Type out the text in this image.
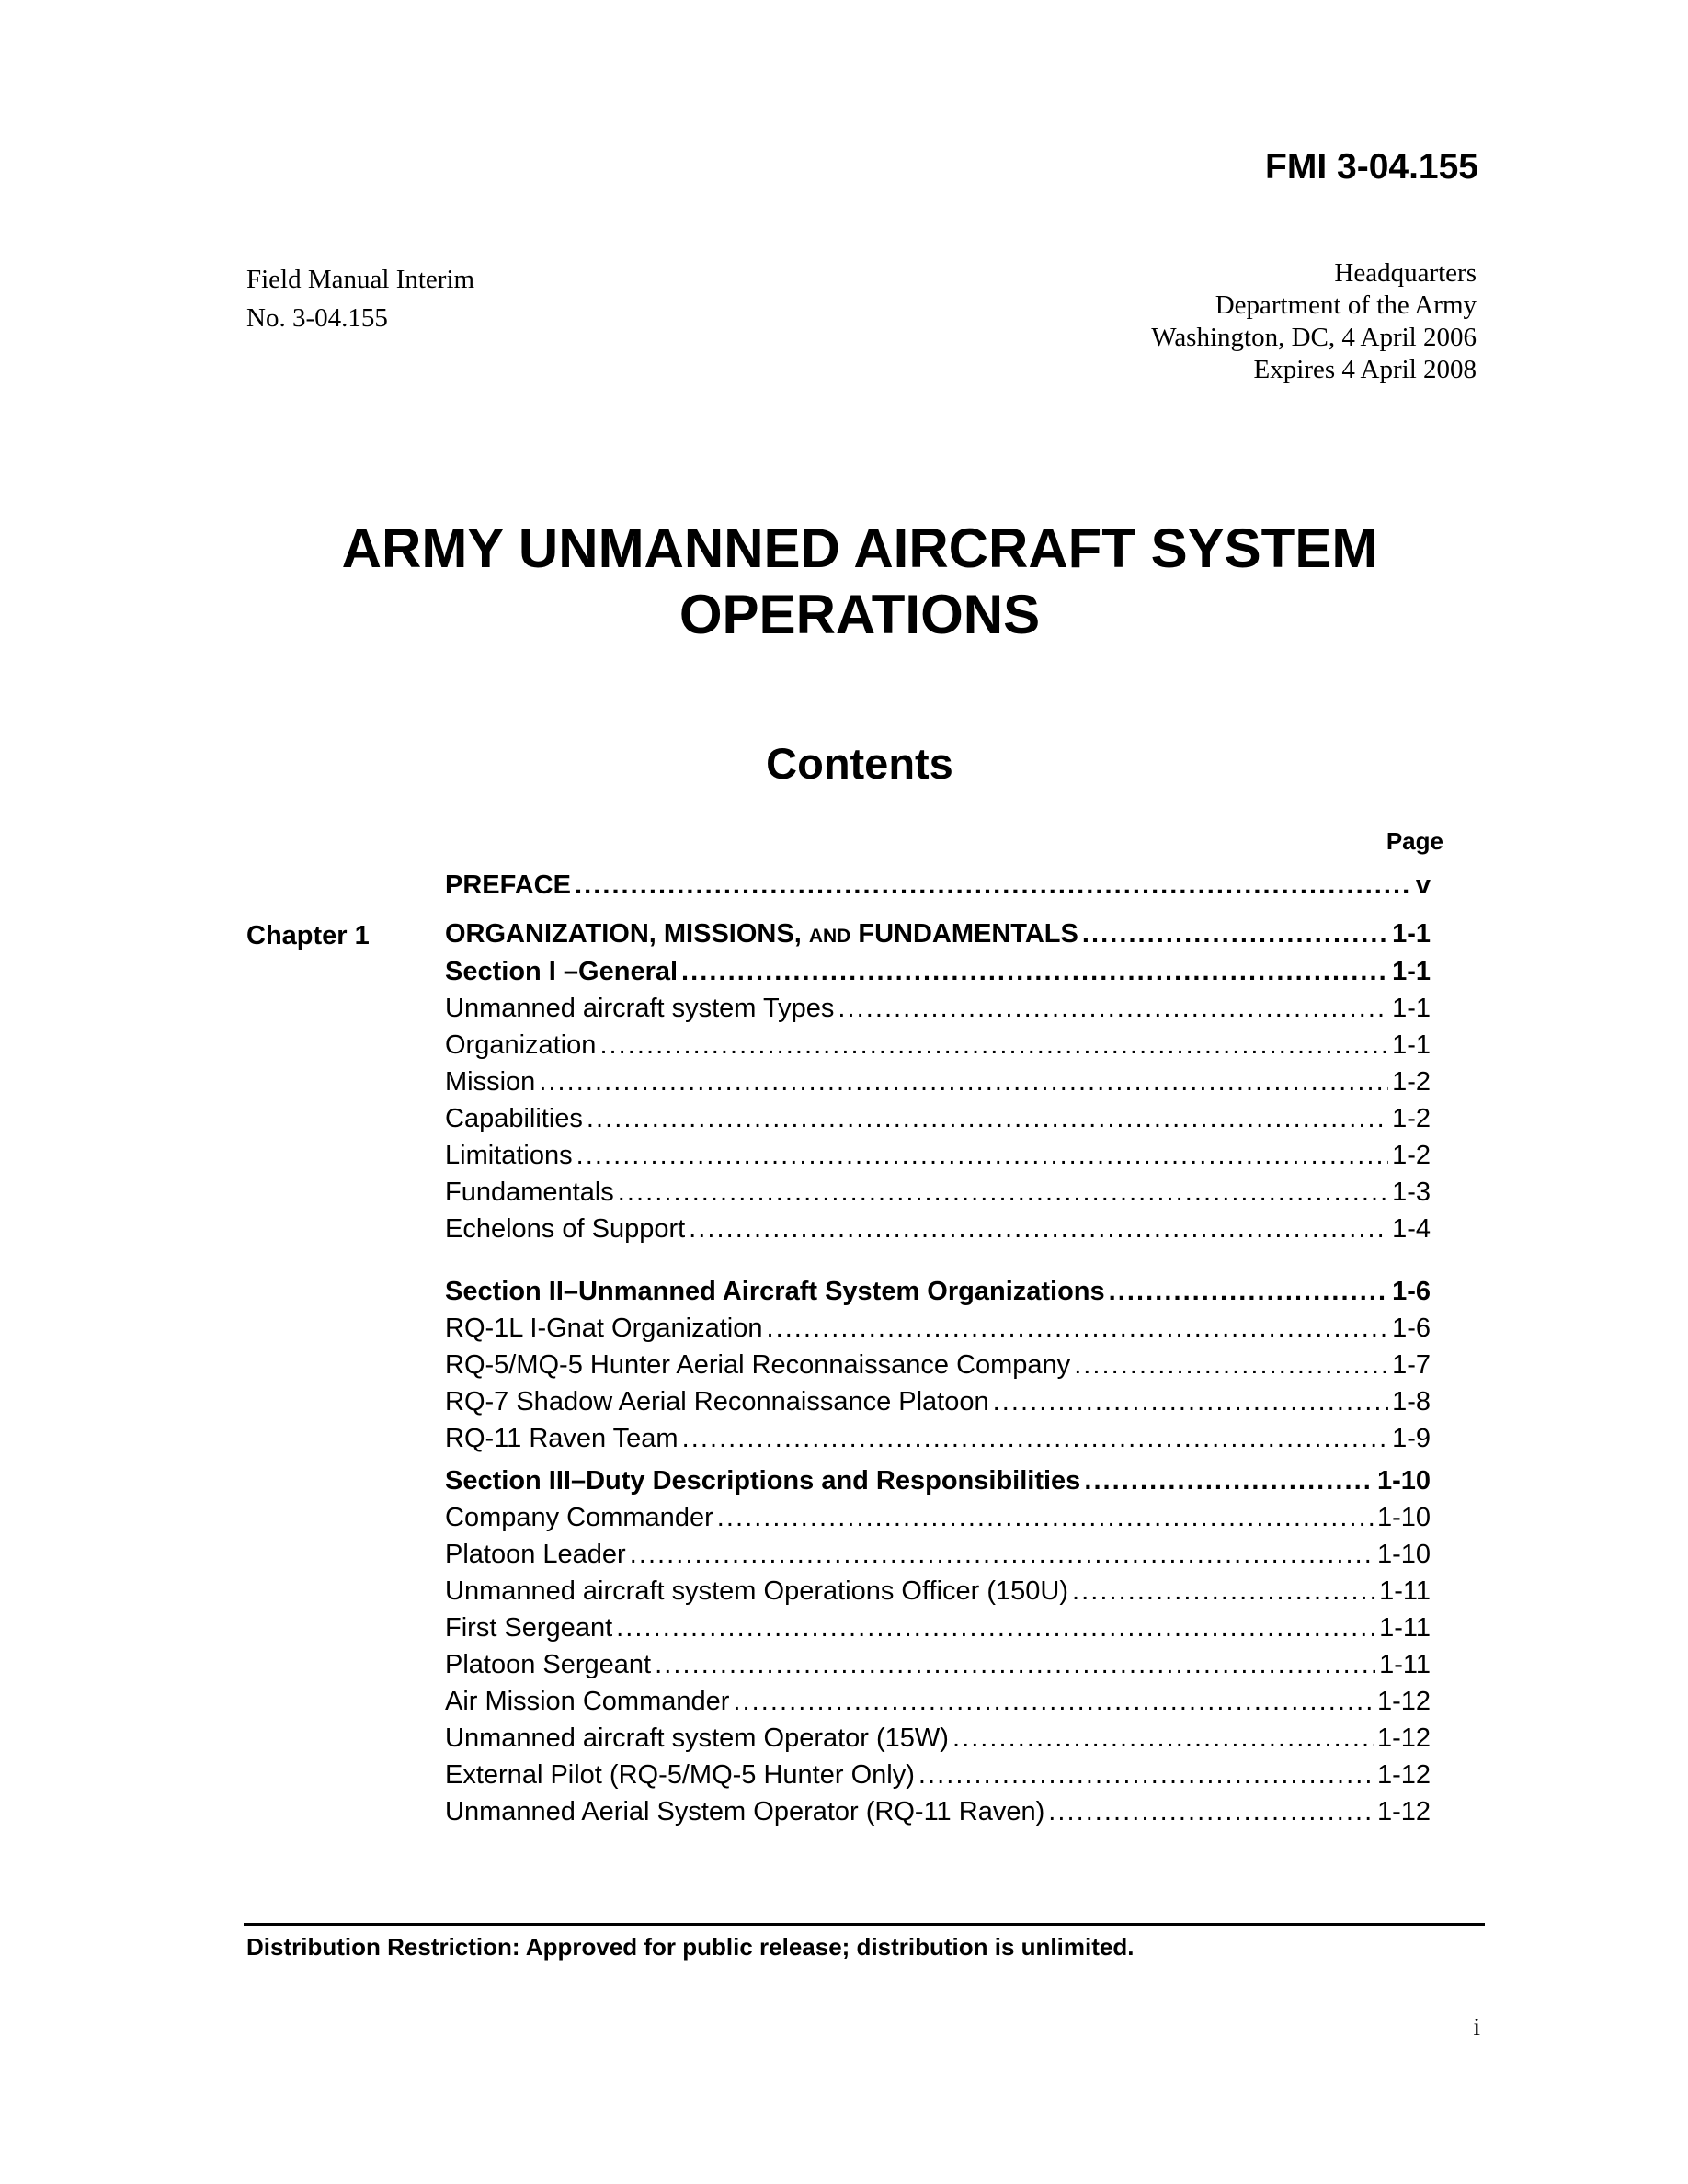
FMI 3-04.155
Field Manual Interim
No. 3-04.155
Headquarters
Department of the Army
Washington, DC, 4 April 2006
Expires 4 April 2008
ARMY UNMANNED AIRCRAFT SYSTEM
OPERATIONS
Contents
Page
Chapter 1
PREFACE . . .	v
ORGANIZATION, MISSIONS, AND FUNDAMENTALS . . .	1-1
Section I –General . . .	1-1
Unmanned aircraft system Types . . .	1-1
Organization . . .	1-1
Mission . . .	1-2
Capabilities . . .	1-2
Limitations . . .	1-2
Fundamentals . . .	1-3
Echelons of Support . . .	1-4
Section II–Unmanned Aircraft System Organizations . . .	1-6
RQ-1L I-Gnat Organization . . .	1-6
RQ-5/MQ-5 Hunter Aerial Reconnaissance Company . . .	1-7
RQ-7 Shadow Aerial Reconnaissance Platoon . . .	1-8
RQ-11 Raven Team . . .	1-9
Section III–Duty Descriptions and Responsibilities . . .	1-10
Company Commander . . .	1-10
Platoon Leader . . .	1-10
Unmanned aircraft system Operations Officer (150U) . . .	1-11
First Sergeant . . .	1-11
Platoon Sergeant . . .	1-11
Air Mission Commander . . .	1-12
Unmanned aircraft system Operator (15W) . . .	1-12
External Pilot (RQ-5/MQ-5 Hunter Only) . . .	1-12
Unmanned Aerial System Operator (RQ-11 Raven) . . .	1-12
Distribution Restriction: Approved for public release; distribution is unlimited.
i
